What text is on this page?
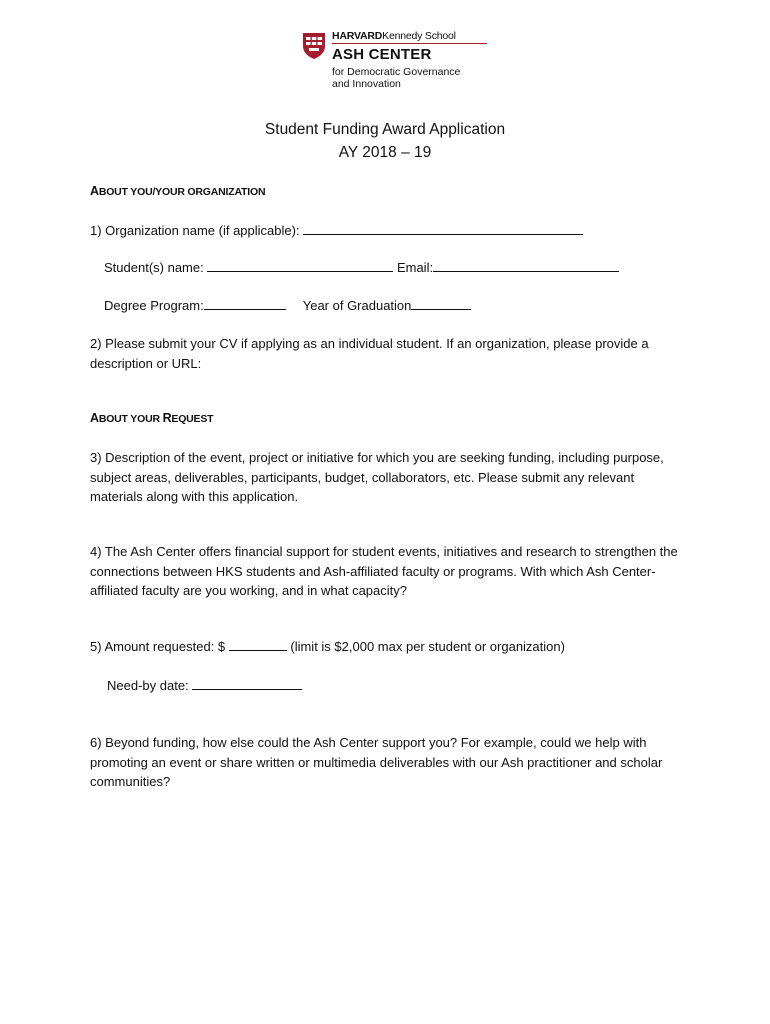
HARVARDKennedy School
ASH CENTER
for Democratic Governance
and Innovation
Student Funding Award Application
AY 2018 – 19
ABOUT YOU/YOUR ORGANIZATION
1) Organization name (if applicable):
Student(s) name:	Email:
Degree Program:	Year of Graduation
2) Please submit your CV if applying as an individual student. If an organization, please provide a description or URL:
ABOUT YOUR REQUEST
3) Description of the event, project or initiative for which you are seeking funding, including purpose, subject areas, deliverables, participants, budget, collaborators, etc. Please submit any relevant materials along with this application.
4) The Ash Center offers financial support for student events, initiatives and research to strengthen the connections between HKS students and Ash-affiliated faculty or programs. With which Ash Center-affiliated faculty are you working, and in what capacity?
5) Amount requested: $	(limit is $2,000 max per student or organization)
Need-by date:
6) Beyond funding, how else could the Ash Center support you? For example, could we help with promoting an event or share written or multimedia deliverables with our Ash practitioner and scholar communities?
